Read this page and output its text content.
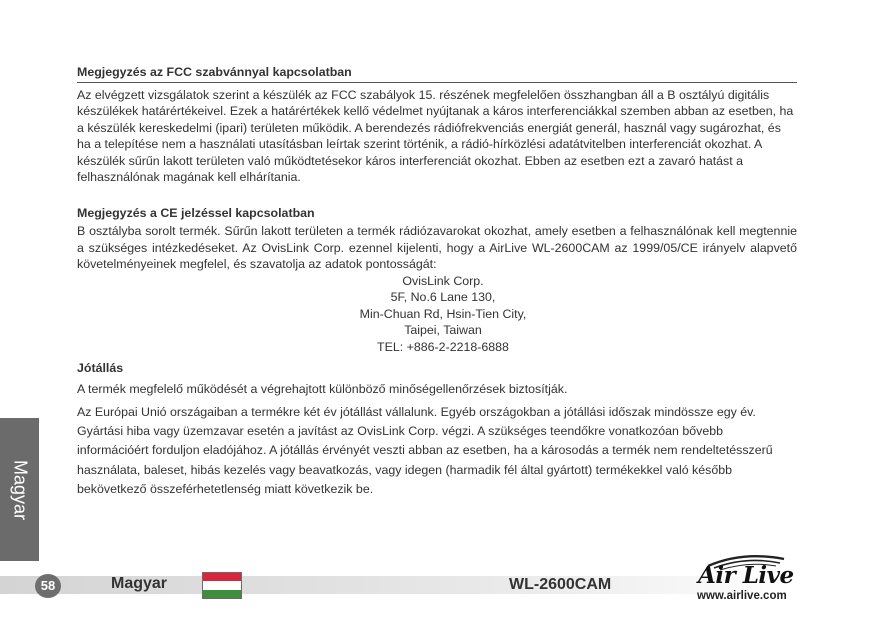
Megjegyzés az FCC szabvánnyal kapcsolatban

Az elvégzett vizsgálatok szerint a készülék az FCC szabályok 15. részének megfelelően összhangban áll a B osztályú digitális készülékek határértékeivel. Ezek a határértékek kellő védelmet nyújtanak a káros interferenciákkal szemben abban az esetben, ha a készülék kereskedelmi (ipari) területen működik. A berendezés rádiófrekvenciás energiát generál, használ vagy sugározhat, és ha a telepítése nem a használati utasításban leírtak szerint történik, a rádió-hírközlési adatátvitelben interferenciát okozhat. A készülék sűrűn lakott területen való működtetésekor káros interferenciát okozhat. Ebben az esetben ezt a zavaró hatást a felhasználónak magának kell elhárítania.

Megjegyzés a CE jelzéssel kapcsolatban

B osztályba sorolt termék. Sűrűn lakott területen a termék rádiózavarokat okozhat, amely esetben a felhasználónak kell megtennie a szükséges intézkedéseket. Az OvisLink Corp. ezennel kijelenti, hogy a AirLive WL-2600CAM az 1999/05/CE irányelv alapvető követelményeinek megfelel, és szavatolja az adatok pontosságát:

OvisLink Corp.
5F, No.6 Lane 130,
Min-Chuan Rd, Hsin-Tien City,
Taipei, Taiwan
TEL: +886-2-2218-6888
Jótállás

A termék megfelelő működését a végrehajtott különböző minőségellenőrzések biztosítják.

Az Európai Unió országaiban a termékre két év jótállást vállalunk. Egyéb országokban a jótállási időszak mindössze egy év. Gyártási hiba vagy üzemzavar esetén a javítást az OvisLink Corp. végzi. A szükséges teendőkre vonatkozóan bővebb információért forduljon eladójához. A jótállás érvényét veszti abban az esetben, ha a károsodás a termék nem rendeltetésszerű használata, baleset, hibás kezelés vagy beavatkozás, vagy idegen (harmadik fél által gyártott) termékekkel való később bekövetkező összeférhetetlenség miatt következik be.

Magyar
58	Magyar	WL-2600CAM	Air Live
www.airlive.com
